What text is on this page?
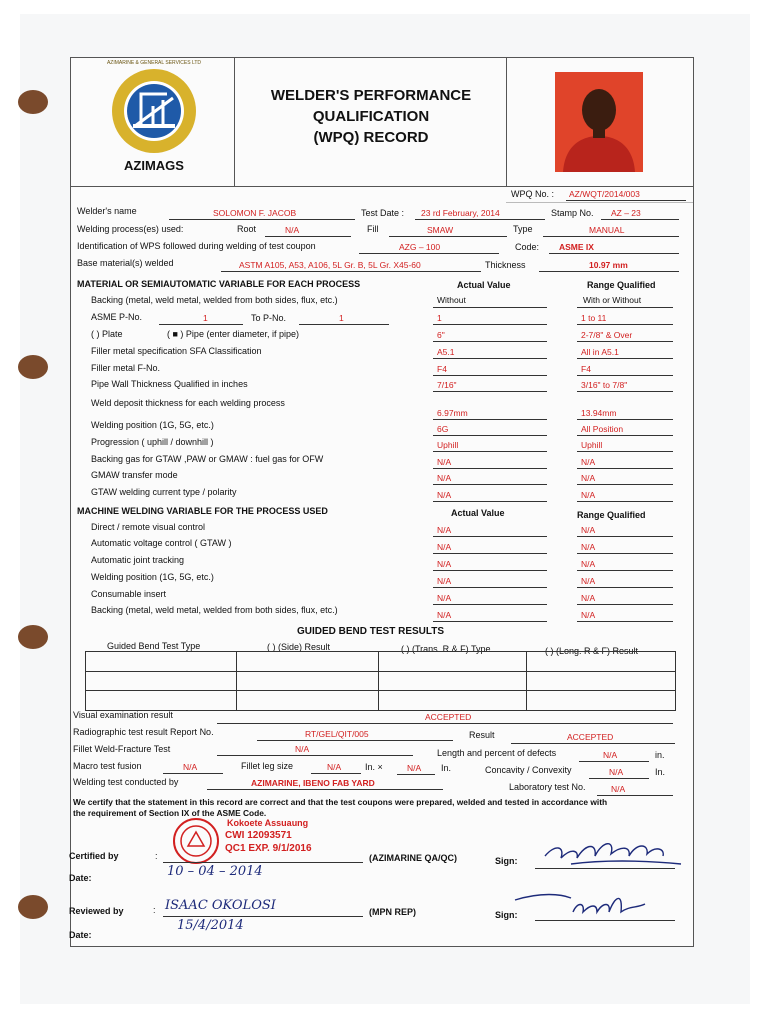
AZIMARINE & GENERAL SERVICES LTD
AZIMAGS
WELDER'S PERFORMANCE
QUALIFICATION
(WPQ) RECORD
WPQ No. : AZ/WQT/2014/003
Welder's name	SOLOMON F. JACOB	Test Date : 23 rd February, 2014	Stamp No. AZ – 23
Welding process(es) used:	Root	N/A	Fill	SMAW	Type	MANUAL
Identification of WPS followed during welding of test coupon	AZG – 100	Code: ASME IX
Base material(s) welded	ASTM A105, A53, A106, 5L Gr. B, 5L Gr. X45-60	Thickness	10.97 mm
MATERIAL OR SEMIAUTOMATIC VARIABLE FOR EACH PROCESS	Actual Value	Range Qualified
Backing (metal, weld metal, welded from both sides, flux, etc.)	Without	With or Without
ASME P-No.	1	To P-No.	1	1	1 to 11
( ) Plate	( ■ ) Pipe (enter diameter, if pipe)	6"	2-7/8" & Over
Filler metal specification SFA Classification	A5.1	All in A5.1
Filler metal F-No.	F4	F4
Pipe Wall Thickness Qualified in inches	7/16"	3/16" to 7/8"
Weld deposit thickness for each welding process
6.97mm	13.94mm
Welding position (1G, 5G, etc.)	6G	All Position
Progression ( uphill / downhill )	Uphill	Uphill
Backing gas for GTAW ,PAW or GMAW : fuel gas for OFW	N/A	N/A
GMAW transfer mode	N/A	N/A
GTAW welding current type / polarity	N/A	N/A
MACHINE WELDING VARIABLE FOR THE PROCESS USED	Actual Value	Range Qualified
Direct / remote visual control	N/A	N/A
Automatic voltage control ( GTAW )	N/A	N/A
Automatic joint tracking	N/A	N/A
Welding position (1G, 5G, etc.)	N/A	N/A
Consumable insert	N/A	N/A
Backing (metal, weld metal, welded from both sides, flux, etc.)	N/A	N/A
GUIDED BEND TEST RESULTS
Guided Bend Test Type	( ) (Side) Result	( ) (Trans. R & F) Type	( ) (Long. R & F) Result
Visual examination result	ACCEPTED
Radiographic test result Report No.	RT/GEL/QIT/005	Result	ACCEPTED
Fillet Weld-Fracture Test	N/A	Length and percent of defects	N/A	in.
Macro test fusion	N/A	Fillet leg size	N/A	In. ×	N/A In.	Concavity / Convexity	N/A	In.
Welding test conducted by	AZIMARINE, IBENO FAB YARD	Laboratory test No.	N/A
We certify that the statement in this record are correct and that the test coupons were prepared, welded and tested in accordance with
the requirement of Section IX of the ASME Code.
Kokoete Assuaung
CWI 12093571
QC1 EXP. 9/1/2016
Certified by	:	(AZIMARINE QA/QC)	Sign:
Date:	10 – 04 – 2014
Reviewed by	: ISAAC OKOLOSI	(MPN REP)	Sign:
Date:
15/4/2014
